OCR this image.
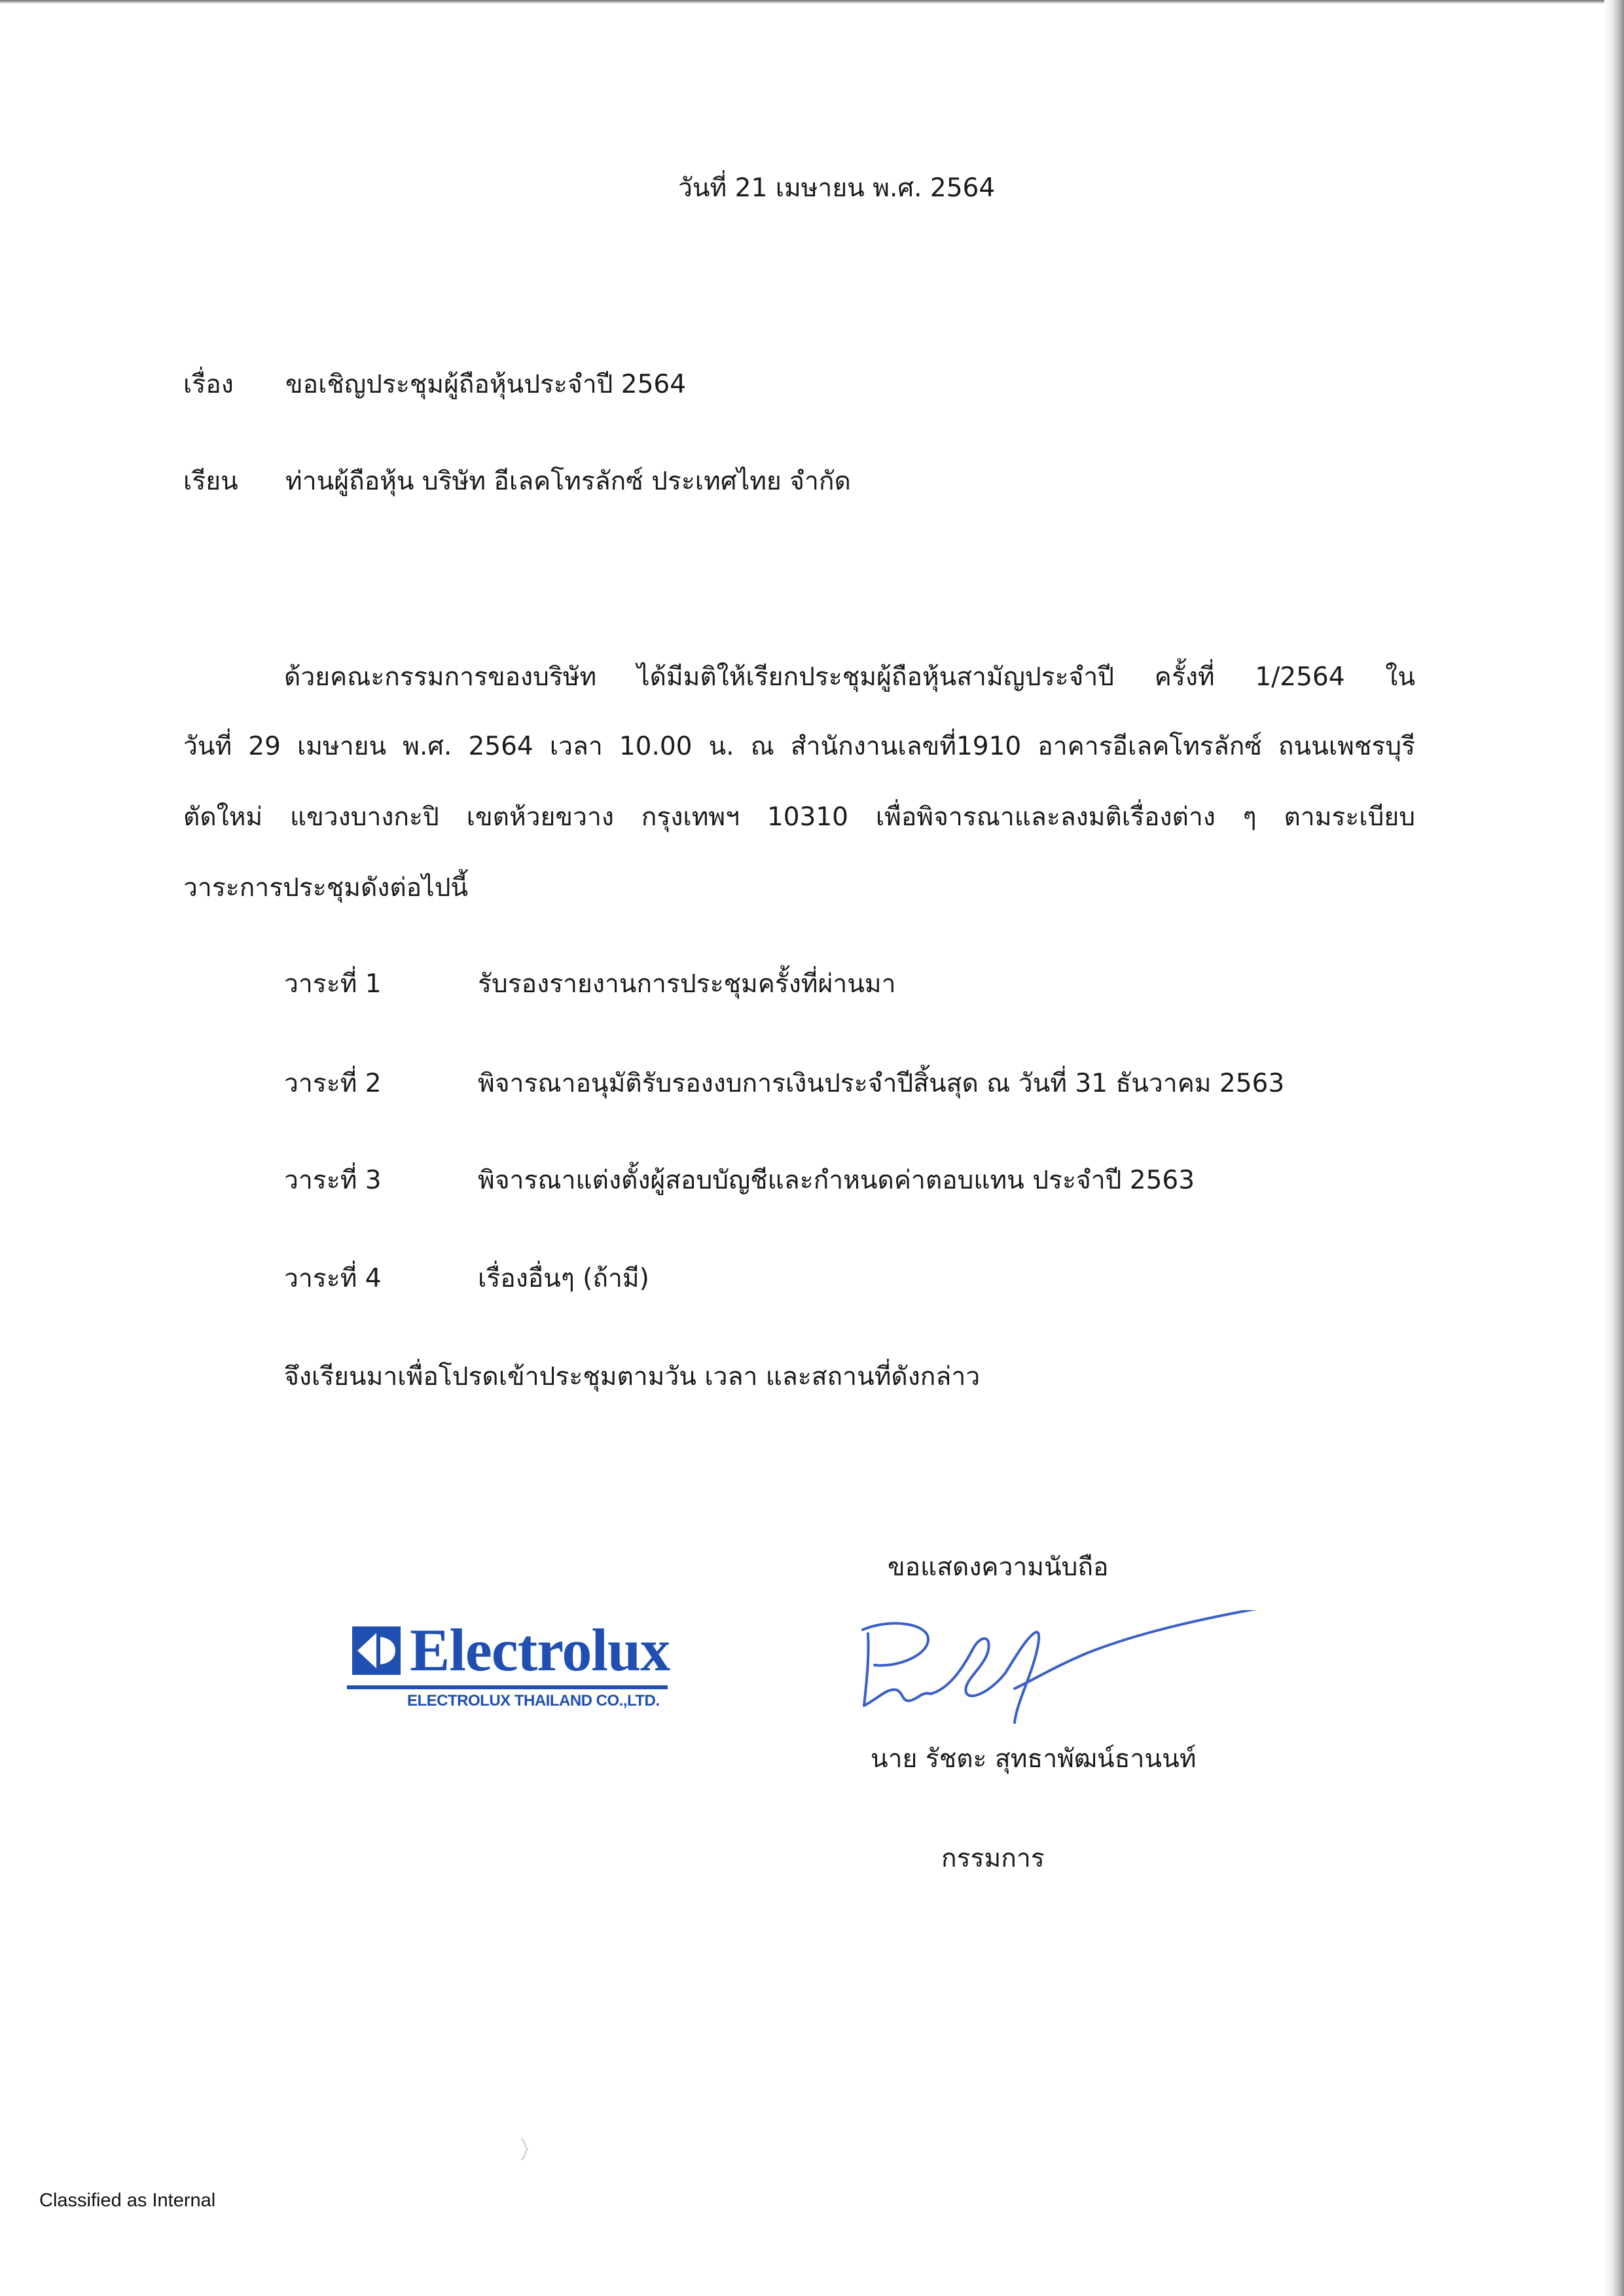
วันที่ 21 เมษายน พ.ศ. 2564
เรื่อง ขอเชิญประชุมผู้ถือหุ้นประจำปี 2564
เรียน ท่านผู้ถือหุ้น บริษัท อีเลคโทรลักซ์ ประเทศไทย จำกัด
ด้วยคณะกรรมการของบริษัท ได้มีมติให้เรียกประชุมผู้ถือหุ้นสามัญประจำปี ครั้งที่ 1/2564 ใน
วันที่ 29 เมษายน พ.ศ. 2564 เวลา 10.00 น. ณ สำนักงานเลขที่1910 อาคารอีเลคโทรลักซ์ ถนนเพชรบุรี
ตัดใหม่ แขวงบางกะปิ เขตห้วยขวาง กรุงเทพฯ 10310 เพื่อพิจารณาและลงมติเรื่องต่าง ๆ ตามระเบียบ
วาระการประชุมดังต่อไปนี้
วาระที่ 1	รับรองรายงานการประชุมครั้งที่ผ่านมา
วาระที่ 2	พิจารณาอนุมัติรับรองงบการเงินประจำปีสิ้นสุด ณ วันที่ 31 ธันวาคม 2563
วาระที่ 3	พิจารณาแต่งตั้งผู้สอบบัญชีและกำหนดค่าตอบแทน ประจำปี 2563
วาระที่ 4	เรื่องอื่นๆ (ถ้ามี)
จึงเรียนมาเพื่อโปรดเข้าประชุมตามวัน เวลา และสถานที่ดังกล่าว
ขอแสดงความนับถือ
Electrolux
ELECTROLUX THAILAND CO.,LTD.
นาย รัชตะ สุทธาพัฒน์ธานนท์
กรรมการ
Classified as Internal
